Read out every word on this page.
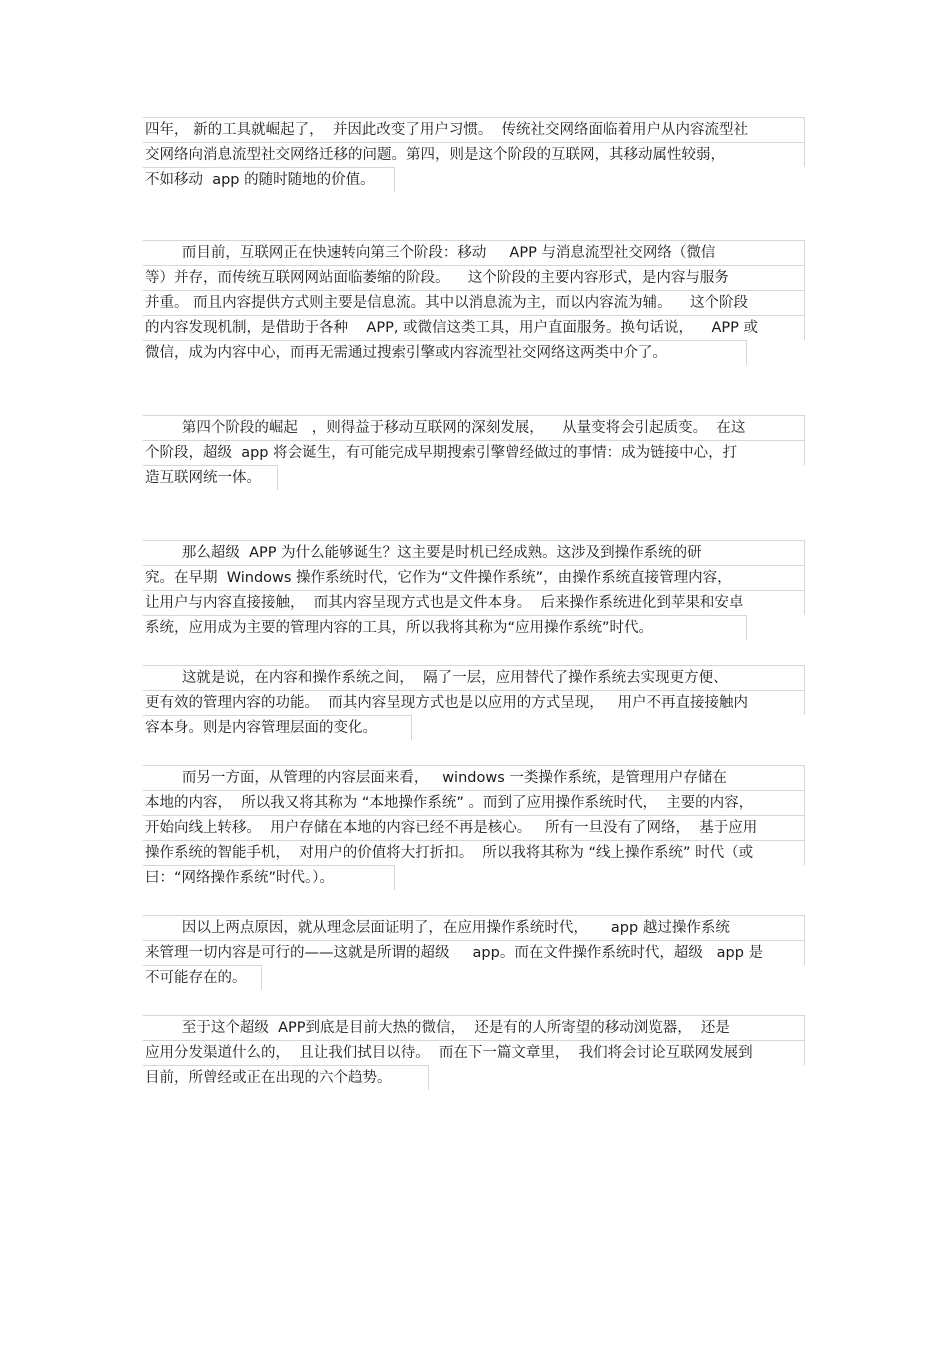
四年， 新的工具就崛起了，  并因此改变了用户习惯。  传统社交网络面临着用户从内容流型社
交网络向消息流型社交网络迁移的问题。第四，则是这个阶段的互联网，其移动属性较弱，
不如移动  app 的随时随地的价值。
而目前，互联网正在快速转向第三个阶段：移动     APP 与消息流型社交网络（微信
等）并存，而传统互联网网站面临萎缩的阶段。    这个阶段的主要内容形式，是内容与服务
并重。 而且内容提供方式则主要是信息流。其中以消息流为主，而以内容流为辅。    这个阶段
的内容发现机制，是借助于各种    APP, 或微信这类工具，用户直面服务。换句话说，    APP 或
微信，成为内容中心，而再无需通过搜索引擎或内容流型社交网络这两类中介了。
第四个阶段的崛起   ，则得益于移动互联网的深刻发展，    从量变将会引起质变。  在这
个阶段，超级  app 将会诞生，有可能完成早期搜索引擎曾经做过的事情：成为链接中心，打
造互联网统一体。
那么超级  APP 为什么能够诞生？这主要是时机已经成熟。这涉及到操作系统的研
究。在早期  Windows 操作系统时代，它作为“文件操作系统”，由操作系统直接管理内容，
让用户与内容直接接触，  而其内容呈现方式也是文件本身。  后来操作系统进化到苹果和安卓
系统，应用成为主要的管理内容的工具，所以我将其称为“应用操作系统”时代。
这就是说，在内容和操作系统之间，  隔了一层，应用替代了操作系统去实现更方便、
更有效的管理内容的功能。  而其内容呈现方式也是以应用的方式呈现，   用户不再直接接触内
容本身。则是内容管理层面的变化。
而另一方面，从管理的内容层面来看，   windows 一类操作系统，是管理用户存储在
本地的内容，  所以我又将其称为 “本地操作系统” 。而到了应用操作系统时代，  主要的内容，
开始向线上转移。  用户存储在本地的内容已经不再是核心。   所有一旦没有了网络，  基于应用
操作系统的智能手机，  对用户的价值将大打折扣。  所以我将其称为 “线上操作系统” 时代（或
曰：“网络操作系统”时代。）。
因以上两点原因，就从理念层面证明了，在应用操作系统时代，     app 越过操作系统
来管理一切内容是可行的——这就是所谓的超级     app。而在文件操作系统时代，超级   app 是
不可能存在的。
至于这个超级  APP到底是目前大热的微信，  还是有的人所寄望的移动浏览器，  还是
应用分发渠道什么的，  且让我们拭目以待。  而在下一篇文章里，  我们将会讨论互联网发展到
目前，所曾经或正在出现的六个趋势。
